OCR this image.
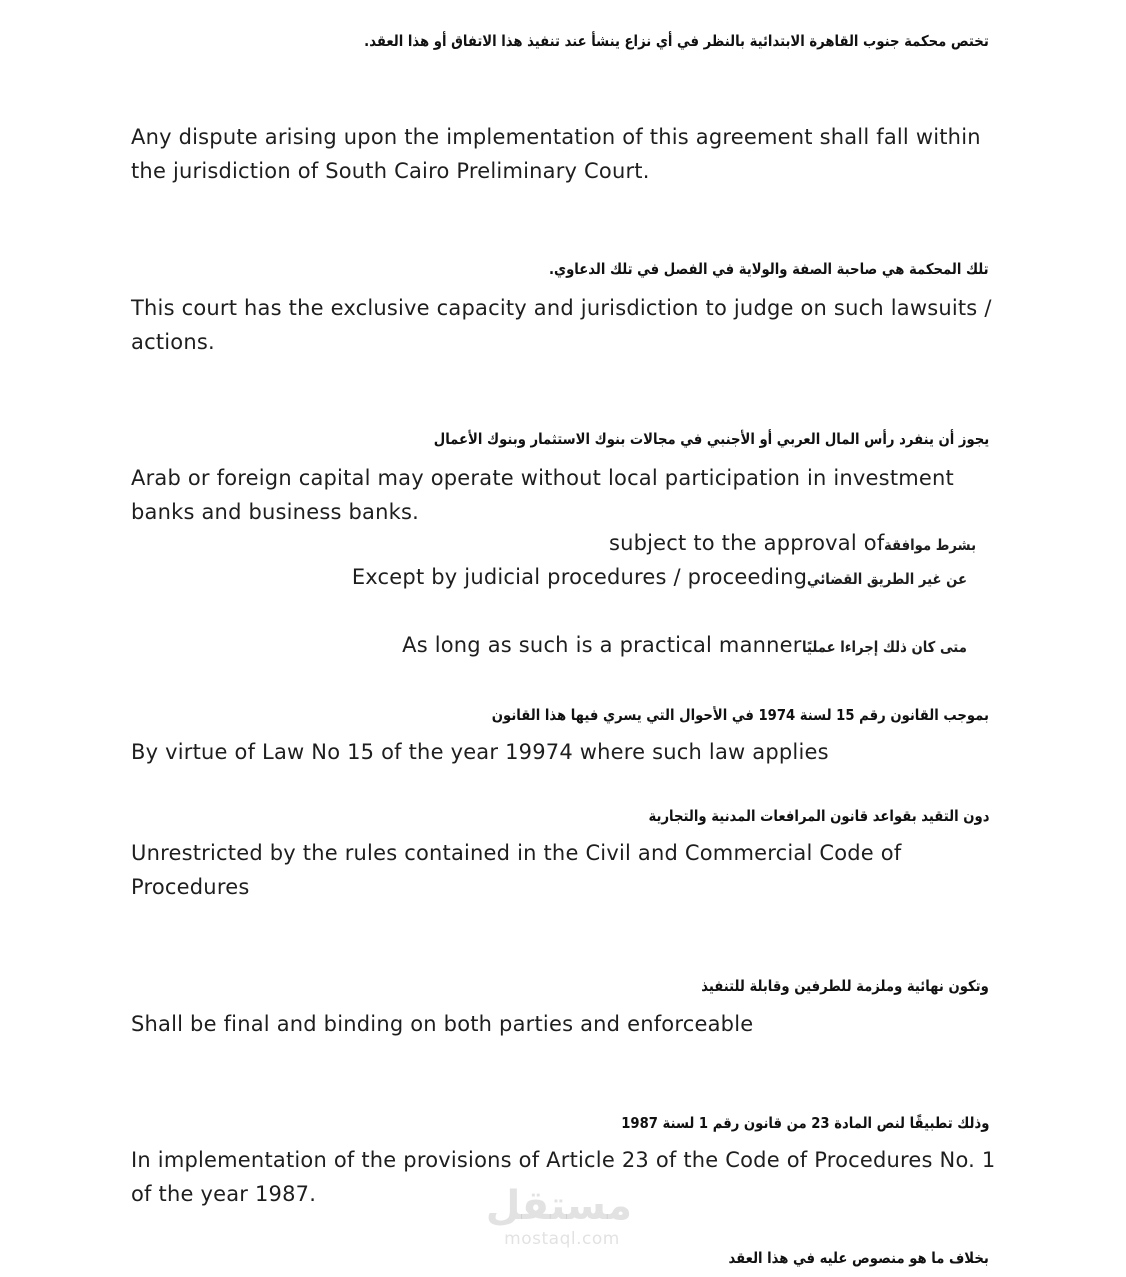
تختص محكمة جنوب القاهرة الابتدائية بالنظر في أي نزاع ينشأ عند تنفيذ هذا الاتفاق أو هذا العقد.
Any dispute arising upon the implementation of this agreement shall fall within the jurisdiction of South Cairo Preliminary Court.
تلك المحكمة هي صاحبة الصفة والولاية في الفصل في تلك الدعاوي.
This court has the exclusive capacity and jurisdiction to judge on such lawsuits / actions.
يجوز أن ينفرد رأس المال العربي أو الأجنبي في مجالات بنوك الاستثمار وبنوك الأعمال
Arab or foreign capital may operate without local participation in investment banks and business banks.
subject to the approval ofبشرط موافقة
Except by judicial procedures / proceedingعن غير الطريق القضائي
As long as such is a practical mannerمتى كان ذلك إجراءا عمليًا
بموجب القانون رقم 15 لسنة 1974 في الأحوال التي يسري فيها هذا القانون
By virtue of Law No 15 of the year 19974 where such law applies
دون التقيد بقواعد قانون المرافعات المدنية والتجارية
Unrestricted by the rules contained in the Civil and Commercial Code of Procedures
وتكون نهائية وملزمة للطرفين وقابلة للتنفيذ
Shall be final and binding on both parties and enforceable
وذلك تطبيقًا لنص المادة 23 من قانون رقم 1 لسنة 1987
In implementation of the provisions of Article 23 of the Code of Procedures No. 1 of the year 1987.
بخلاف ما هو منصوص عليه في هذا العقد
مستقل
mostaql.com
